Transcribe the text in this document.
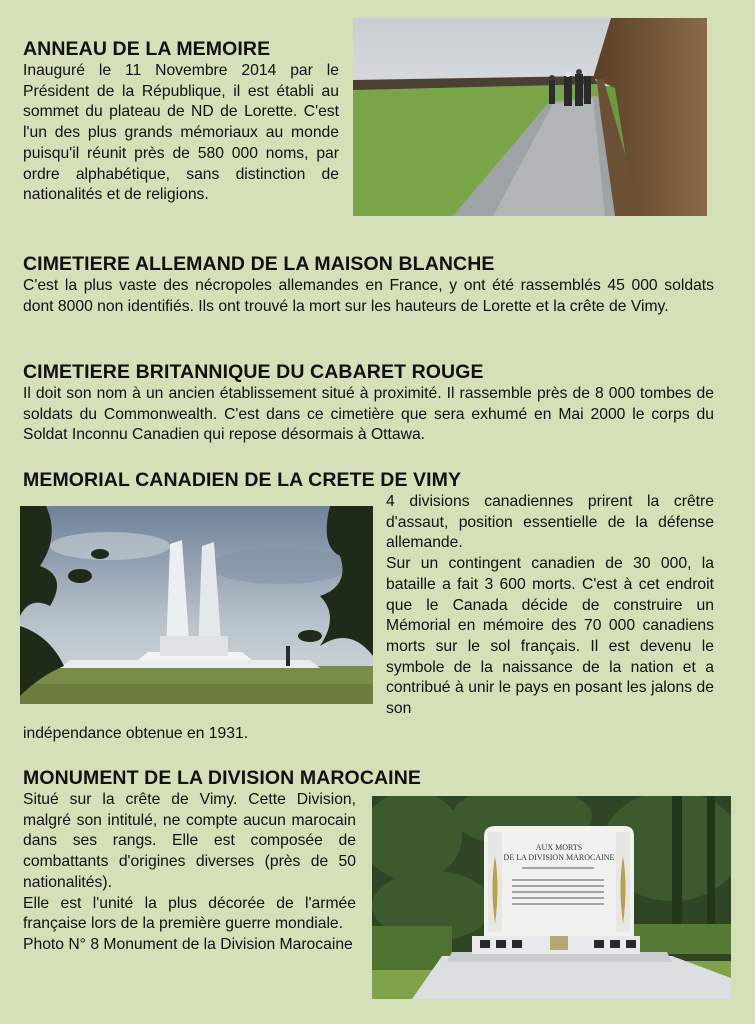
ANNEAU DE LA MEMOIRE

Inauguré le 11 Novembre 2014 par le Président de la République, il est établi au sommet du plateau de ND de Lorette. C'est l'un des plus grands mémoriaux au monde puisqu'il réunit près de 580 000 noms, par ordre alphabétique, sans distinction de nationalités et de religions.

CIMETIERE ALLEMAND DE LA MAISON BLANCHE

C'est la plus vaste des nécropoles allemandes en France, y ont été rassemblés 45 000 soldats dont 8000 non identifiés. Ils ont trouvé la mort sur les hauteurs de Lorette et la crête de Vimy.

CIMETIERE BRITANNIQUE DU CABARET ROUGE

Il doit son nom à un ancien établissement situé à proximité. Il rassemble près de 8 000 tombes de soldats du Commonwealth. C'est dans ce cimetière que sera exhumé en Mai 2000 le corps du Soldat Inconnu Canadien qui repose désormais à Ottawa.

MEMORIAL CANADIEN DE LA CRETE DE VIMY

4 divisions canadiennes prirent la crêtre d'assaut, position essentielle de la défense allemande.

Sur un contingent canadien de 30 000, la bataille a fait 3 600 morts. C'est à cet endroit que le Canada décide de construire un Mémorial en mémoire des 70 000 canadiens morts sur le sol français. Il est devenu le symbole de la naissance de la nation et a contribué à unir le pays en posant les jalons de son

indépendance obtenue en 1931.

MONUMENT DE LA DIVISION MAROCAINE

Situé sur la crête de Vimy. Cette Division, malgré son intitulé, ne compte aucun marocain dans ses rangs. Elle est composée de combattants d'origines diverses (près de 50 nationalités).

Elle est l'unité la plus décorée de l'armée française lors de la première guerre mondiale.

Photo N° 8 Monument de la Division Marocaine

AUX MORTS
DE LA DIVISION MAROCAINE
